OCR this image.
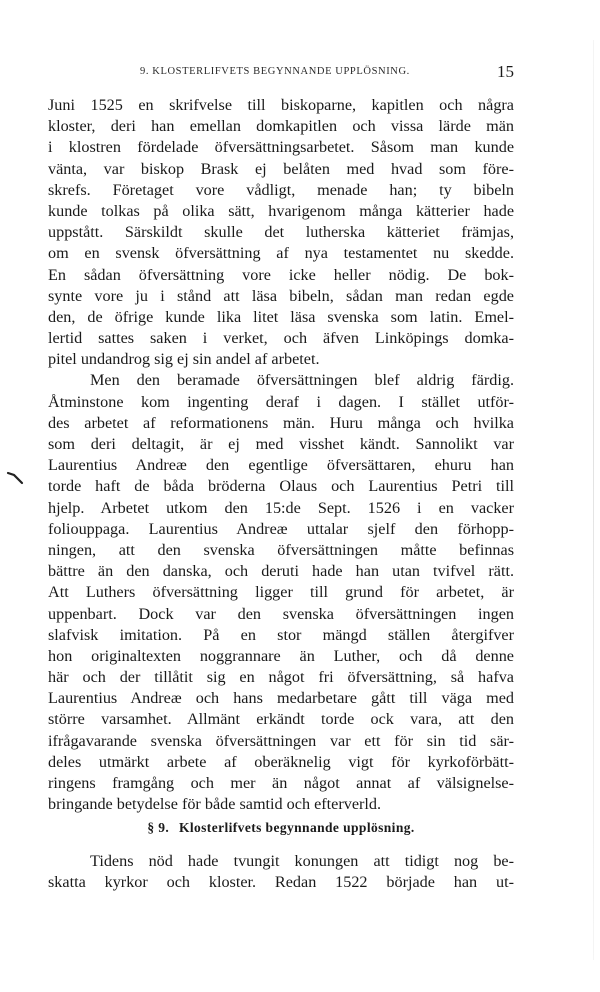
9. KLOSTERLIFVETS BEGYNNANDE UPPLÖSNING.	15
Juni 1525 en skrifvelse till biskoparne, kapitlen och några
kloster, deri han emellan domkapitlen och vissa lärde män
i klostren fördelade öfversättningsarbetet. Såsom man kunde
vänta, var biskop Brask ej belåten med hvad som före-
skrefs. Företaget vore vådligt, menade han; ty bibeln
kunde tolkas på olika sätt, hvarigenom många kätterier hade
uppstått. Särskildt skulle det lutherska kätteriet främjas,
om en svensk öfversättning af nya testamentet nu skedde.
En sådan öfversättning vore icke heller nödig. De bok-
synte vore ju i stånd att läsa bibeln, sådan man redan egde
den, de öfrige kunde lika litet läsa svenska som latin. Emel-
lertid sattes saken i verket, och äfven Linköpings domka-
pitel undandrog sig ej sin andel af arbetet.
Men den beramade öfversättningen blef aldrig färdig.
Åtminstone kom ingenting deraf i dagen. I stället utför-
des arbetet af reformationens män. Huru många och hvilka
som deri deltagit, är ej med visshet kändt. Sannolikt var
Laurentius Andreæ den egentlige öfversättaren, ehuru han
torde haft de båda bröderna Olaus och Laurentius Petri till
hjelp. Arbetet utkom den 15:de Sept. 1526 i en vacker
foliouppaga. Laurentius Andreæ uttalar sjelf den förhopp-
ningen, att den svenska öfversättningen måtte befinnas
bättre än den danska, och deruti hade han utan tvifvel rätt.
Att Luthers öfversättning ligger till grund för arbetet, är
uppenbart. Dock var den svenska öfversättningen ingen
slafvisk imitation. På en stor mängd ställen återgifver
hon originaltexten noggrannare än Luther, och då denne
här och der tillåtit sig en något fri öfversättning, så hafva
Laurentius Andreæ och hans medarbetare gått till väga med
större varsamhet. Allmänt erkändt torde ock vara, att den
ifrågavarande svenska öfversättningen var ett för sin tid sär-
deles utmärkt arbete af oberäknelig vigt för kyrkoförbätt-
ringens framgång och mer än något annat af välsignelse-
bringande betydelse för både samtid och efterverld.
§ 9. Klosterlifvets begynnande upplösning.
Tidens nöd hade tvungit konungen att tidigt nog be-
skatta kyrkor och kloster. Redan 1522 började han ut-
